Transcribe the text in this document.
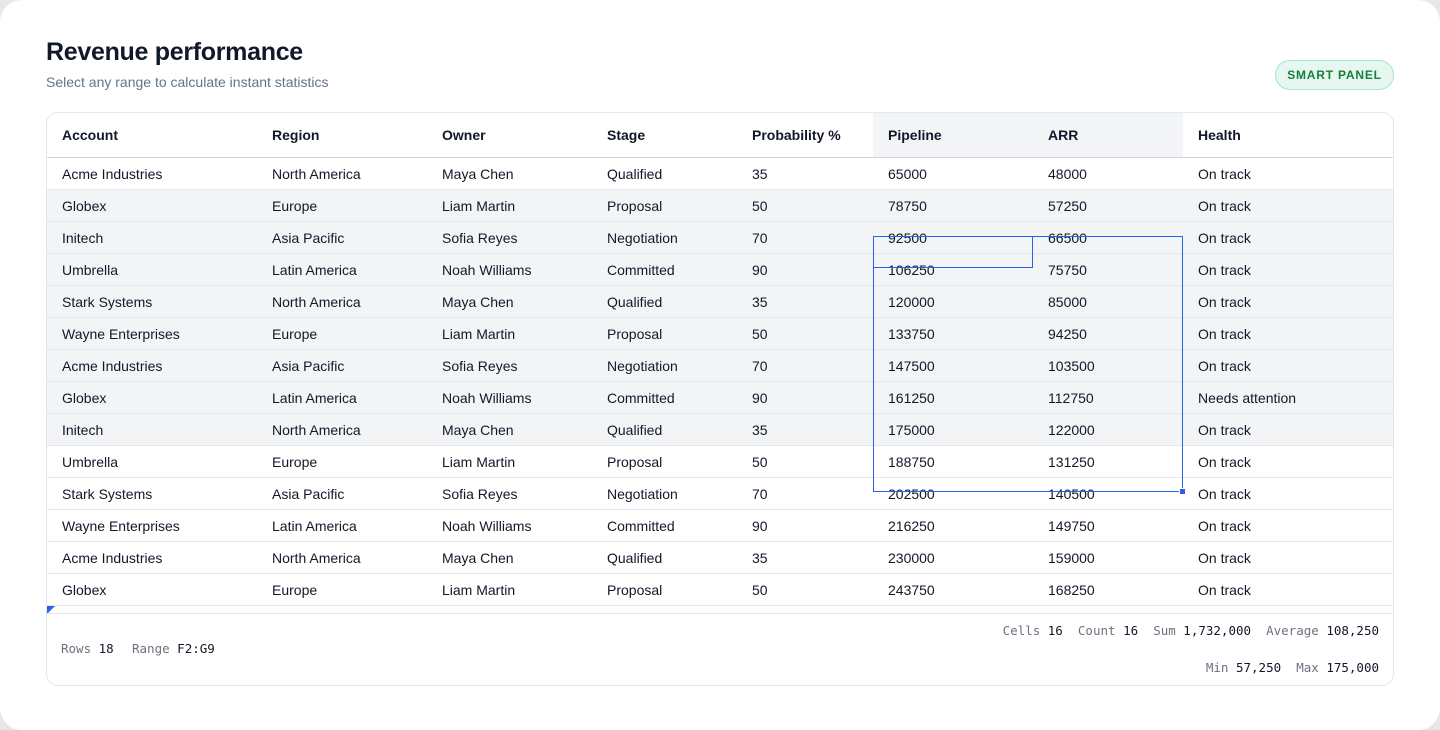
Revenue performance
Select any range to calculate instant statistics	SMART PANEL
Account	Region	Owner	Stage	Probability %	Pipeline	ARR	Health
Acme Industries	North America	Maya Chen	Qualified	35	65000	48000	On track
Globex	Europe	Liam Martin	Proposal	50	78750	57250	On track
Initech	Asia Pacific	Sofia Reyes	Negotiation	70	92500	66500	On track
Umbrella	Latin America	Noah Williams	Committed	90	106250	75750	On track
Stark Systems	North America	Maya Chen	Qualified	35	120000	85000	On track
Wayne Enterprises	Europe	Liam Martin	Proposal	50	133750	94250	On track
Acme Industries	Asia Pacific	Sofia Reyes	Negotiation	70	147500	103500	On track
Globex	Latin America	Noah Williams	Committed	90	161250	112750	Needs attention
Initech	North America	Maya Chen	Qualified	35	175000	122000	On track
Umbrella	Europe	Liam Martin	Proposal	50	188750	131250	On track
Stark Systems	Asia Pacific	Sofia Reyes	Negotiation	70	202500	140500	On track
Wayne Enterprises	Latin America	Noah Williams	Committed	90	216250	149750	On track
Acme Industries	North America	Maya Chen	Qualified	35	230000	159000	On track
Globex	Europe	Liam Martin	Proposal	50	243750	168250	On track
Rows 18 Range F2:G9
Cells 16 Count 16 Sum 1,732,000 Average 108,250
Min 57,250 Max 175,000
